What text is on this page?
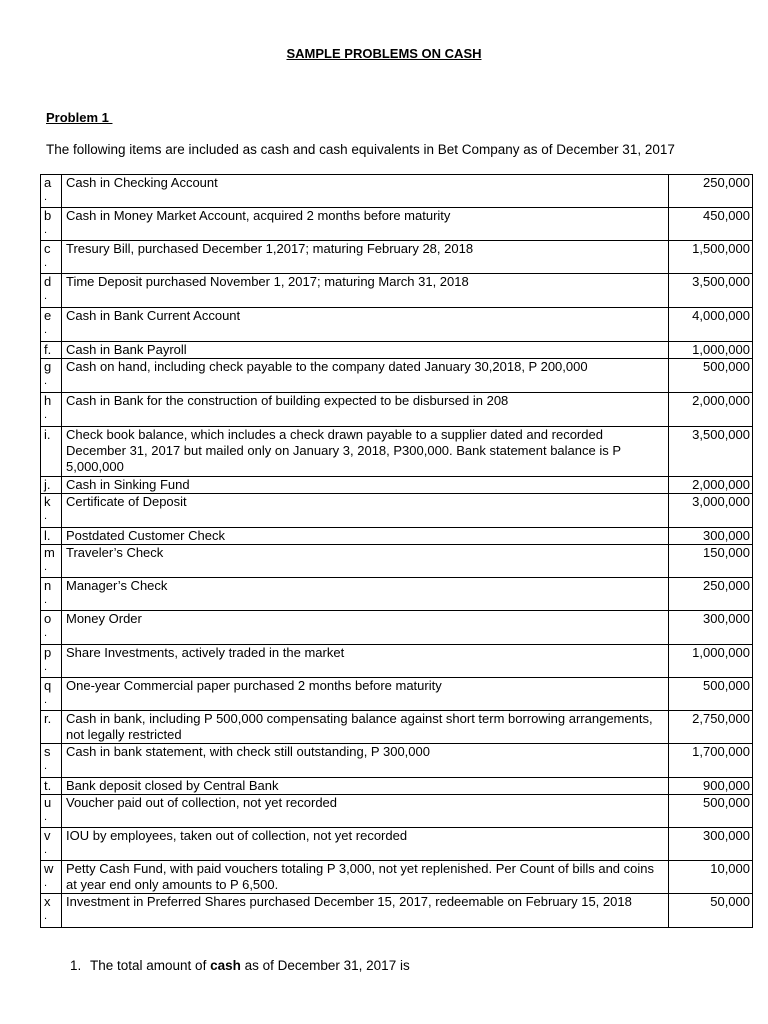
SAMPLE PROBLEMS ON CASH
Problem 1
The following items are included as cash and cash equivalents in Bet Company as of December 31, 2017
a
.	Cash in Checking Account	250,000
b
.	Cash in Money Market Account, acquired 2 months before maturity	450,000
c
.	Tresury Bill, purchased December 1,2017; maturing February 28, 2018	1,500,000
d
.	Time Deposit purchased November 1, 2017; maturing March 31, 2018	3,500,000
e
.	Cash in Bank Current Account	4,000,000
f.	Cash in Bank Payroll	1,000,000
g
.	Cash on hand, including check payable to the company dated January 30,2018, P 200,000	500,000
h
.	Cash in Bank for the construction of building expected to be disbursed in 208	2,000,000
i.	Check book balance, which includes a check drawn payable to a supplier dated and recorded December 31, 2017 but mailed only on January 3, 2018, P300,000. Bank statement balance is P 5,000,000	3,500,000
j.	Cash in Sinking Fund	2,000,000
k
.	Certificate of Deposit	3,000,000
l.	Postdated Customer Check	300,000
m
.	Traveler’s Check	150,000
n
.	Manager’s Check	250,000
o
.	Money Order	300,000
p
.	Share Investments, actively traded in the market	1,000,000
q
.	One-year Commercial paper purchased 2 months before maturity	500,000
r.	Cash in bank, including P 500,000 compensating balance against short term borrowing arrangements, not legally restricted	2,750,000
s
.	Cash in bank statement, with check still outstanding, P 300,000	1,700,000
t.	Bank deposit closed by Central Bank	900,000
u
.	Voucher paid out of collection, not yet recorded	500,000
v
.	IOU by employees, taken out of collection, not yet recorded	300,000
w
.	Petty Cash Fund, with paid vouchers totaling P 3,000, not yet replenished. Per Count of bills and coins at year end only amounts to P 6,500.	10,000
x
.	Investment in Preferred Shares purchased December 15, 2017, redeemable on February 15, 2018	50,000
1. The total amount of cash as of December 31, 2017 is
